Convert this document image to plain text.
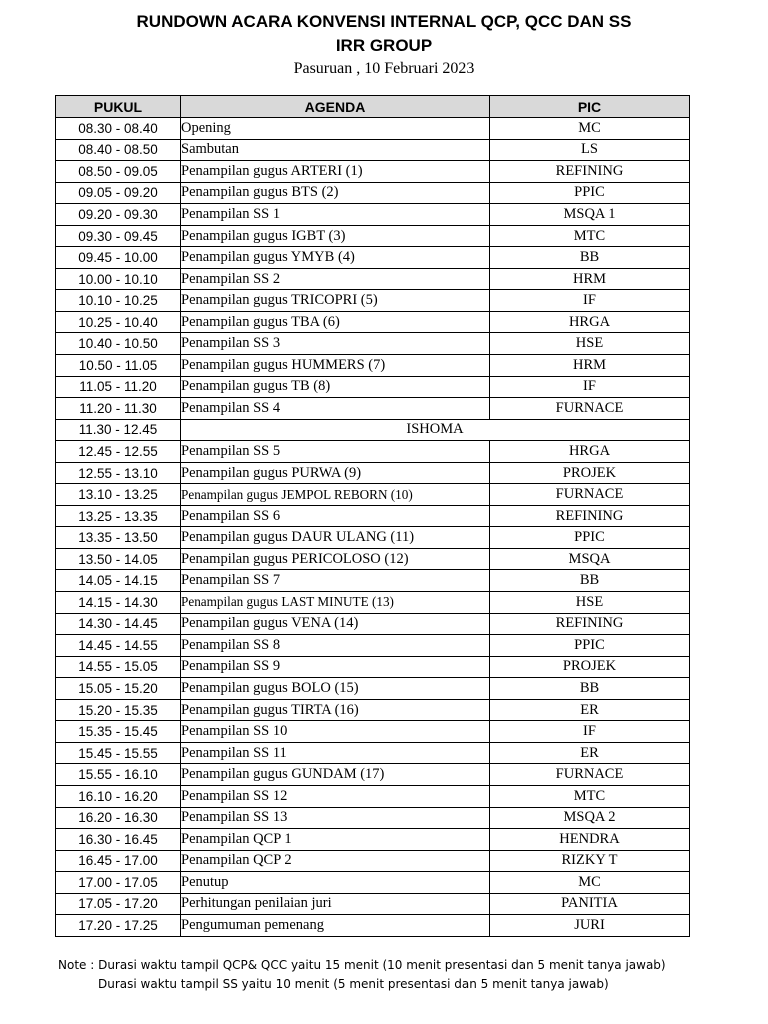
RUNDOWN ACARA KONVENSI INTERNAL QCP, QCC DAN SS
IRR GROUP
Pasuruan , 10 Februari 2023
PUKUL	AGENDA	PIC
08.30 - 08.40	Opening	MC
08.40 - 08.50	Sambutan	LS
08.50 - 09.05	Penampilan gugus ARTERI (1)	REFINING
09.05 - 09.20	Penampilan gugus BTS (2)	PPIC
09.20 - 09.30	Penampilan SS 1	MSQA 1
09.30 - 09.45	Penampilan gugus IGBT (3)	MTC
09.45 - 10.00	Penampilan gugus YMYB (4)	BB
10.00 - 10.10	Penampilan SS 2	HRM
10.10 - 10.25	Penampilan gugus TRICOPRI (5)	IF
10.25 - 10.40	Penampilan gugus TBA (6)	HRGA
10.40 - 10.50	Penampilan SS 3	HSE
10.50 - 11.05	Penampilan gugus HUMMERS (7)	HRM
11.05 - 11.20	Penampilan gugus TB (8)	IF
11.20 - 11.30	Penampilan SS 4	FURNACE
11.30 - 12.45	ISHOMA	
12.45 - 12.55	Penampilan SS 5	HRGA
12.55 - 13.10	Penampilan gugus PURWA (9)	PROJEK
13.10 - 13.25	Penampilan gugus JEMPOL REBORN (10)	FURNACE
13.25 - 13.35	Penampilan SS 6	REFINING
13.35 - 13.50	Penampilan gugus DAUR ULANG (11)	PPIC
13.50 - 14.05	Penampilan gugus PERICOLOSO (12)	MSQA
14.05 - 14.15	Penampilan SS 7	BB
14.15 - 14.30	Penampilan gugus LAST MINUTE (13)	HSE
14.30 - 14.45	Penampilan gugus VENA (14)	REFINING
14.45 - 14.55	Penampilan SS 8	PPIC
14.55 - 15.05	Penampilan SS 9	PROJEK
15.05 - 15.20	Penampilan gugus BOLO (15)	BB
15.20 - 15.35	Penampilan gugus TIRTA (16)	ER
15.35 - 15.45	Penampilan SS 10	IF
15.45 - 15.55	Penampilan SS 11	ER
15.55 - 16.10	Penampilan gugus GUNDAM (17)	FURNACE
16.10 - 16.20	Penampilan SS 12	MTC
16.20 - 16.30	Penampilan SS 13	MSQA 2
16.30 - 16.45	Penampilan QCP 1	HENDRA
16.45 - 17.00	Penampilan QCP 2	RIZKY T
17.00 - 17.05	Penutup	MC
17.05 - 17.20	Perhitungan penilaian juri	PANITIA
17.20 - 17.25	Pengumuman pemenang	JURI
Note : Durasi waktu tampil QCP& QCC yaitu 15 menit (10 menit presentasi dan 5 menit tanya jawab)
Durasi waktu tampil SS yaitu 10 menit (5 menit presentasi dan 5 menit tanya jawab)
